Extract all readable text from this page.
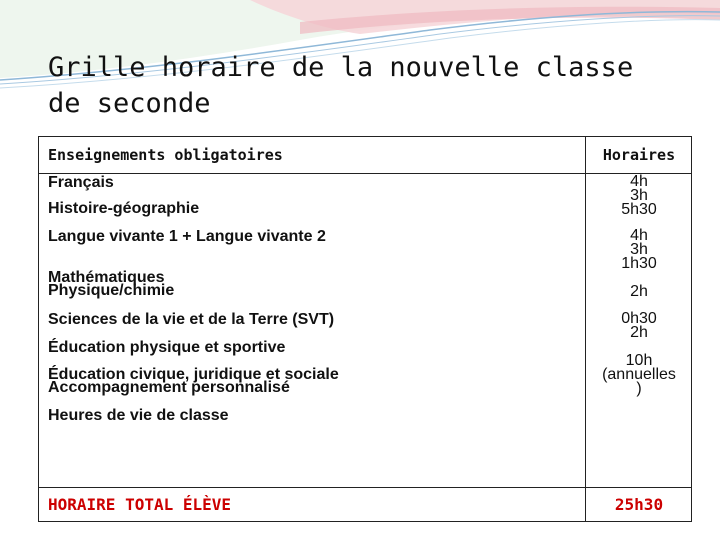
Grille horaire de la nouvelle classe de seconde
Enseignements obligatoires	Horaires
Français
Histoire-géographie
Langue vivante 1 + Langue vivante 2
Mathématiques
Physique/chimie
Sciences de la vie et de la Terre (SVT)
Éducation physique et sportive
Éducation civique, juridique et sociale
Accompagnement personnalisé
Heures de vie de classe
4h
3h
5h30
4h
3h
1h30
2h
0h30
2h
10h
(annuelles
)
HORAIRE TOTAL ÉLÈVE	25h30
